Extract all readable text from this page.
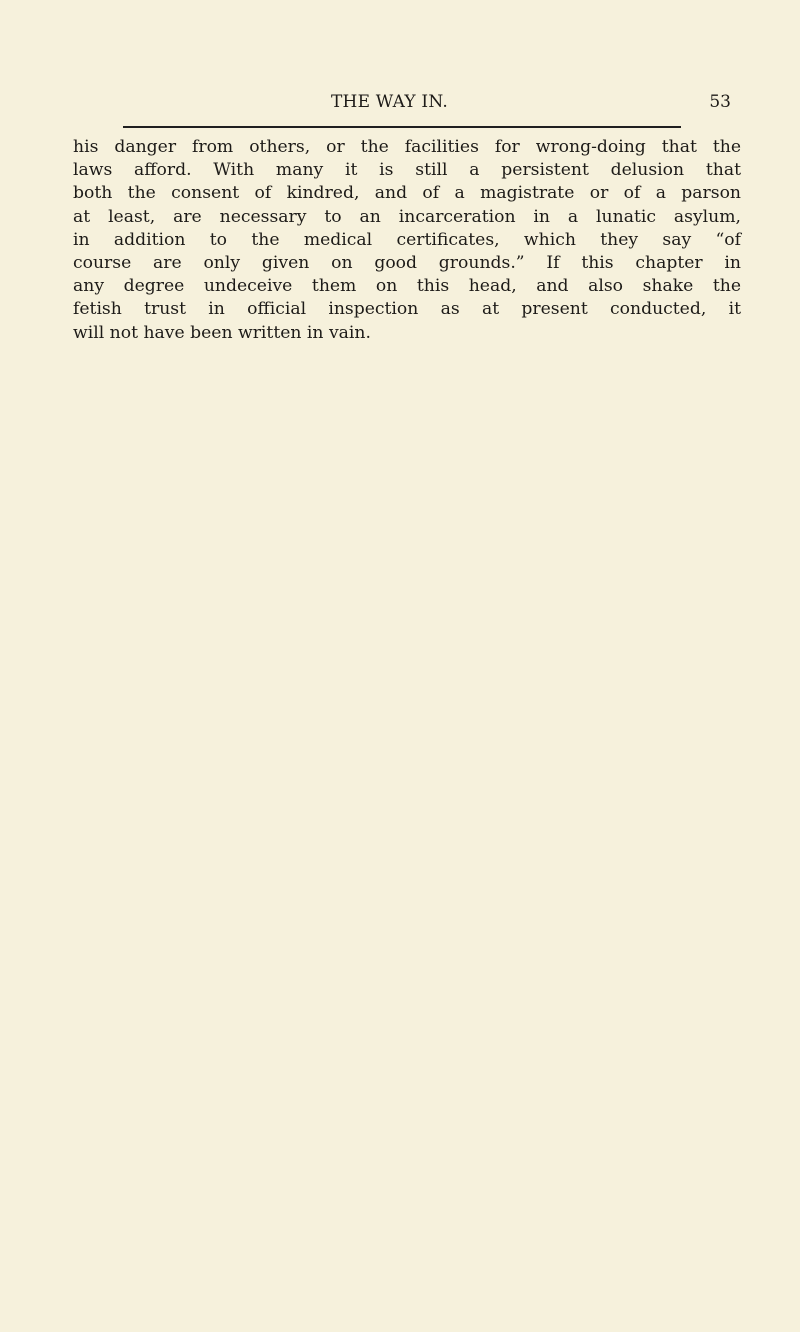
THE WAY IN.	53
his danger from others, or the facilities for wrong-doing that the
laws afford. With many it is still a persistent delusion that
both the consent of kindred, and of a magistrate or of a parson
at least, are necessary to an incarceration in a lunatic asylum,
in addition to the medical certificates, which they say “of
course are only given on good grounds.” If this chapter in
any degree undeceive them on this head, and also shake the
fetish trust in official inspection as at present conducted, it
will not have been written in vain.
